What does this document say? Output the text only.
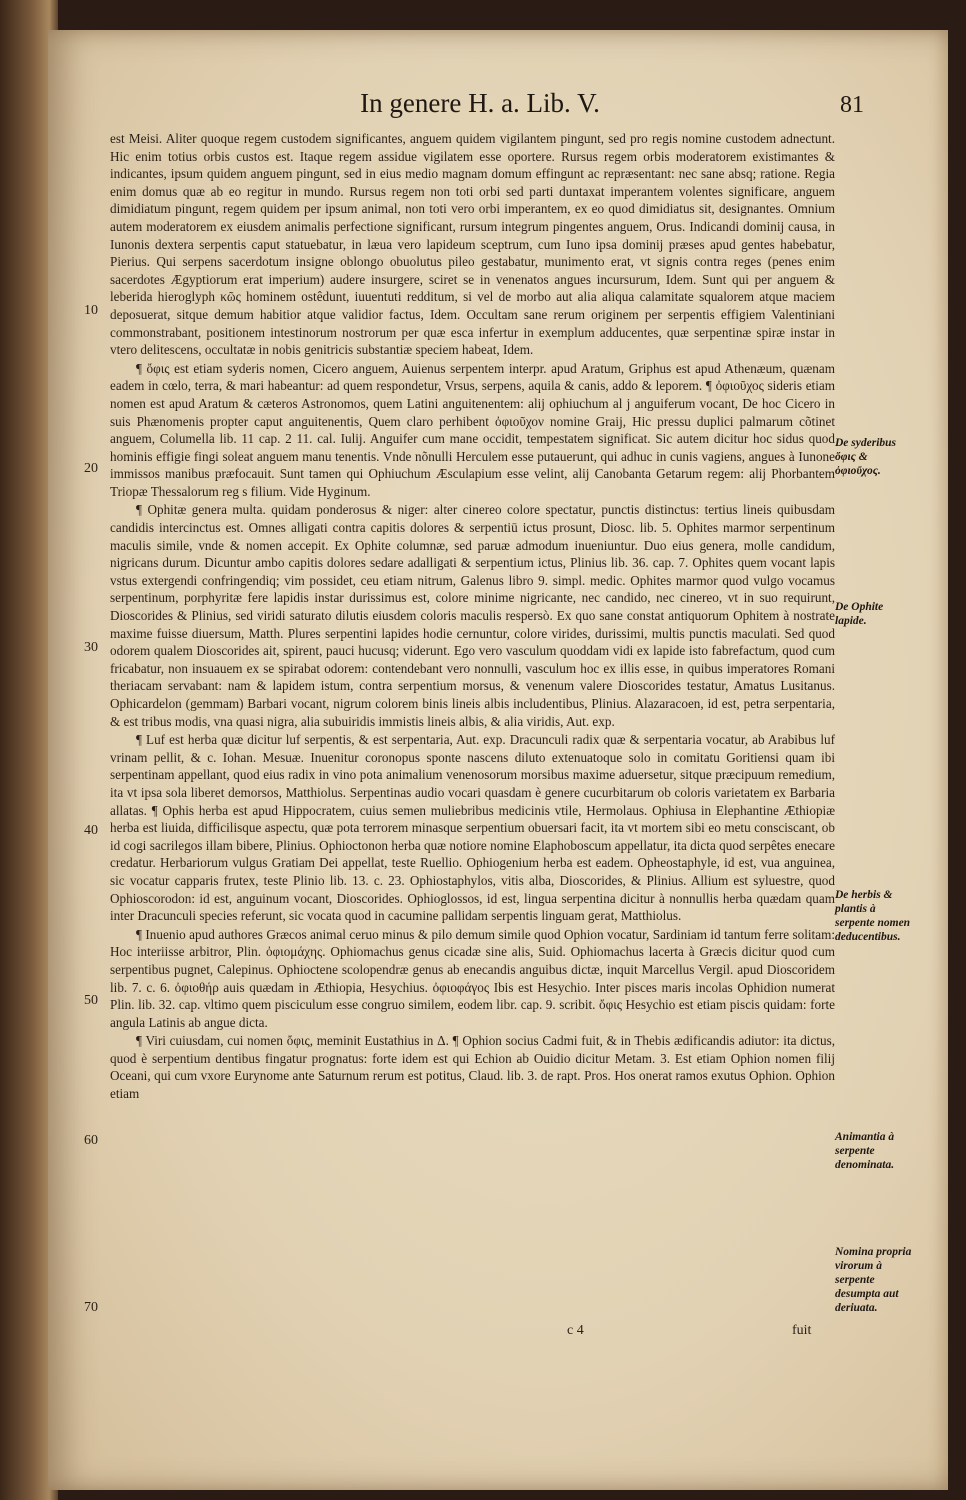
In genere H. a. Lib. V.	81
10
20
30
40
50
60
70

est Meisi. Aliter quoque regem custodem significantes, anguem quidem vigilantem pingunt, sed pro regis nomine custodem adnectunt. Hic enim totius orbis custos est. Itaque regem assidue vigilatem esse oportere. Rursus regem orbis moderatorem existimantes & indicantes, ipsum quidem anguem pingunt, sed in eius medio magnam domum effingunt ac repræsentant: nec sane absq; ratione. Regia enim domus quæ ab eo regitur in mundo. Rursus regem non toti orbi sed parti duntaxat imperantem volentes significare, anguem dimidiatum pingunt, regem quidem per ipsum animal, non toti vero orbi imperantem, ex eo quod dimidiatus sit, designantes. Omnium autem moderatorem ex eiusdem animalis perfectione significant, rursum integrum pingentes anguem, Orus. Indicandi dominij causa, in Iunonis dextera serpentis caput statuebatur, in læua vero lapideum sceptrum, cum Iuno ipsa dominij præses apud gentes habebatur, Pierius. Qui serpens sacerdotum insigne oblongo obuolutus pileo gestabatur, munimento erat, vt signis contra reges (penes enim sacerdotes Ægyptiorum erat imperium) audere insurgere, sciret se in venenatos angues incursurum, Idem. Sunt qui per anguem & leberida hieroglyph κῶς hominem ostêdunt, iuuentuti redditum, si vel de morbo aut alia aliqua calamitate squalorem atque maciem deposuerat, sitque demum habitior atque validior factus, Idem. Occultam sane rerum originem per serpentis effigiem Valentiniani commonstrabant, positionem intestinorum nostrorum per quæ esca infertur in exemplum adducentes, quæ serpentinæ spiræ instar in vtero delitescens, occultatæ in nobis genitricis substantiæ speciem habeat, Idem.

¶ ὄφις est etiam syderis nomen, Cicero anguem, Auienus serpentem interpr. apud Aratum, Griphus est apud Athenæum, quænam eadem in cœlo, terra, & mari habeantur: ad quem respondetur, Vrsus, serpens, aquila & canis, addo & leporem. ¶ ὀφιοῦχος sideris etiam nomen est apud Aratum & cæteros Astronomos, quem Latini anguitenentem: alij ophiuchum al j anguiferum vocant, De hoc Cicero in suis Phænomenis propter caput anguitenentis, Quem claro perhibent ὀφιοῦχον nomine Graij, Hic pressu duplici palmarum cõtinet anguem, Columella lib. 11 cap. 2 11. cal. Iulij. Anguifer cum mane occidit, tempestatem significat. Sic autem dicitur hoc sidus quod hominis effigie fingi soleat anguem manu tenentis. Vnde nõnulli Herculem esse putauerunt, qui adhuc in cunis vagiens, angues à Iunone immissos manibus præfocauit. Sunt tamen qui Ophiuchum Æsculapium esse velint, alij Canobanta Getarum regem: alij Phorbantem Triopæ Thessalorum reg s filium. Vide Hyginum.

¶ Ophitæ genera multa. quidam ponderosus & niger: alter cinereo colore spectatur, punctis distinctus: tertius lineis quibusdam candidis intercinctus est. Omnes alligati contra capitis dolores & serpentiū ictus prosunt, Diosc. lib. 5. Ophites marmor serpentinum maculis simile, vnde & nomen accepit. Ex Ophite columnæ, sed paruæ admodum inueniuntur. Duo eius genera, molle candidum, nigricans durum. Dicuntur ambo capitis dolores sedare adalligati & serpentium ictus, Plinius lib. 36. cap. 7. Ophites quem vocant lapis vstus extergendi confringendiq; vim possidet, ceu etiam nitrum, Galenus libro 9. simpl. medic. Ophites marmor quod vulgo vocamus serpentinum, porphyritæ fere lapidis instar durissimus est, colore minime nigricante, nec candido, nec cinereo, vt in suo requirunt, Dioscorides & Plinius, sed viridi saturato dilutis eiusdem coloris maculis respersò. Ex quo sane constat antiquorum Ophitem à nostrate maxime fuisse diuersum, Matth. Plures serpentini lapides hodie cernuntur, colore virides, durissimi, multis punctis maculati. Sed quod odorem qualem Dioscorides ait, spirent, pauci hucusq; viderunt. Ego vero vasculum quoddam vidi ex lapide isto fabrefactum, quod cum fricabatur, non insuauem ex se spirabat odorem: contendebant vero nonnulli, vasculum hoc ex illis esse, in quibus imperatores Romani theriacam servabant: nam & lapidem istum, contra serpentium morsus, & venenum valere Dioscorides testatur, Amatus Lusitanus. Ophicardelon (gemmam) Barbari vocant, nigrum colorem binis lineis albis includentibus, Plinius. Alazaracoen, id est, petra serpentaria, & est tribus modis, vna quasi nigra, alia subuiridis immistis lineis albis, & alia viridis, Aut. exp.

¶ Luf est herba quæ dicitur luf serpentis, & est serpentaria, Aut. exp. Dracunculi radix quæ & serpentaria vocatur, ab Arabibus luf vrinam pellit, & c. Iohan. Mesuæ. Inuenitur coronopus sponte nascens diluto extenuatoque solo in comitatu Goritiensi quam ibi serpentinam appellant, quod eius radix in vino pota animalium venenosorum morsibus maxime aduersetur, sitque præcipuum remedium, ita vt ipsa sola liberet demorsos, Matthiolus. Serpentinas audio vocari quasdam è genere cucurbitarum ob coloris varietatem ex Barbaria allatas. ¶ Ophis herba est apud Hippocratem, cuius semen muliebribus medicinis vtile, Hermolaus. Ophiusa in Elephantine Æthiopiæ herba est liuida, difficilisque aspectu, quæ pota terrorem minasque serpentium obuersari facit, ita vt mortem sibi eo metu consciscant, ob id cogi sacrilegos illam bibere, Plinius. Ophioctonon herba quæ notiore nomine Elaphoboscum appellatur, ita dicta quod serpêtes enecare credatur. Herbariorum vulgus Gratiam Dei appellat, teste Ruellio. Ophiogenium herba est eadem. Opheostaphyle, id est, vua anguinea, sic vocatur capparis frutex, teste Plinio lib. 13. c. 23. Ophiostaphylos, vitis alba, Dioscorides, & Plinius. Allium est syluestre, quod Ophioscorodon: id est, anguinum vocant, Dioscorides. Ophioglossos, id est, lingua serpentina dicitur à nonnullis herba quædam quam inter Dracunculi species referunt, sic vocata quod in cacumine pallidam serpentis linguam gerat, Matthiolus.

¶ Inuenio apud authores Græcos animal ceruo minus & pilo demum simile quod Ophion vocatur, Sardiniam id tantum ferre solitam: Hoc interiisse arbitror, Plin. ὀφιομάχης. Ophiomachus genus cicadæ sine alis, Suid. Ophiomachus lacerta à Græcis dicitur quod cum serpentibus pugnet, Calepinus. Ophioctene scolopendræ genus ab enecandis anguibus dictæ, inquit Marcellus Vergil. apud Dioscoridem lib. 7. c. 6. ὀφιοθήρ auis quædam in Æthiopia, Hesychius. ὀφιοφάγος Ibis est Hesychio. Inter pisces maris incolas Ophidion numerat Plin. lib. 32. cap. vltimo quem pisciculum esse congruo similem, eodem libr. cap. 9. scribit. ὄφις Hesychio est etiam piscis quidam: forte angula Latinis ab angue dicta.

¶ Viri cuiusdam, cui nomen ὄφις, meminit Eustathius in Δ. ¶ Ophion socius Cadmi fuit, & in Thebis ædificandis adiutor: ita dictus, quod è serpentium dentibus fingatur prognatus: forte idem est qui Echion ab Ouidio dicitur Metam. 3. Est etiam Ophion nomen filij Oceani, qui cum vxore Eurynome ante Saturnum rerum est potitus, Claud. lib. 3. de rapt. Pros. Hos onerat ramos exutus Ophion. Ophion etiam

De syderibus ὄφις & ὀφιοῦχος.
De Ophite lapide.
De herbis & plantis à serpente nomen deducentibus.
Animantia à serpente denominata.
Nomina propria virorum à serpente desumpta aut deriuata.
c 4	fuit
